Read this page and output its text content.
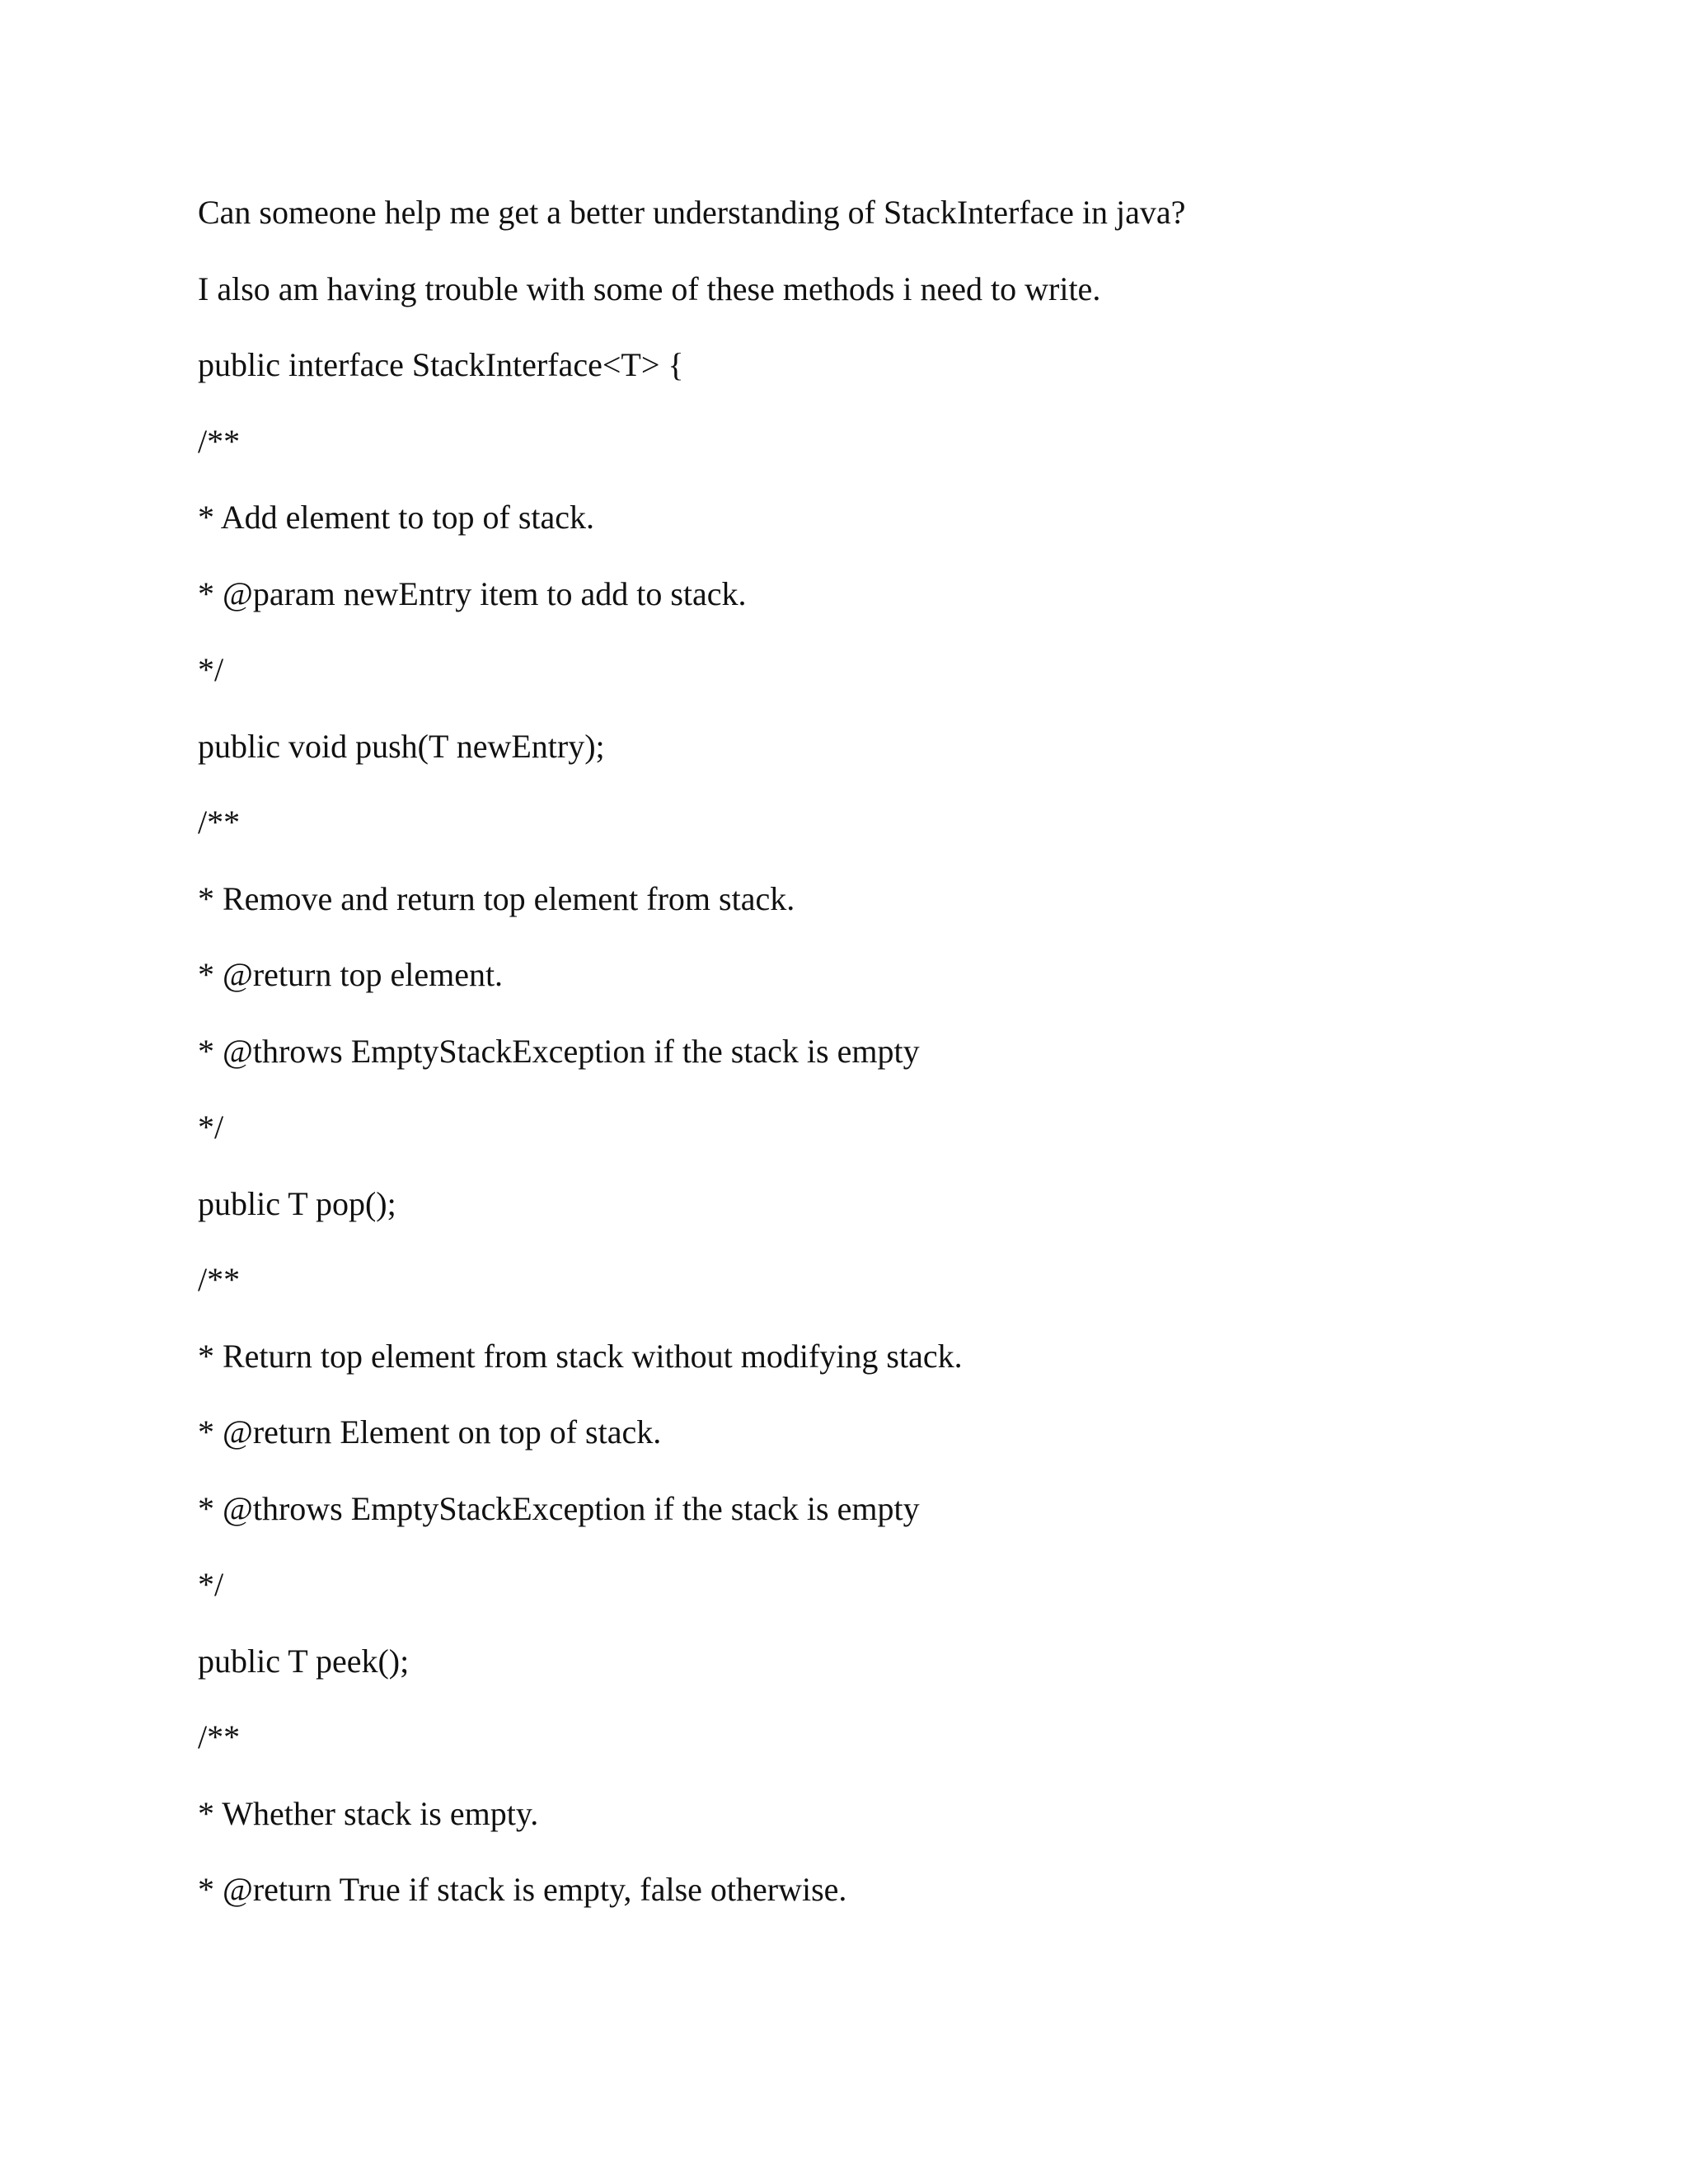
Can someone help me get a better understanding of StackInterface in java?

I also am having trouble with some of these methods i need to write.

public interface StackInterface<T> {

/**

* Add element to top of stack.

* @param newEntry item to add to stack.

*/

public void push(T newEntry);

/**

* Remove and return top element from stack.

* @return top element.

* @throws EmptyStackException if the stack is empty

*/

public T pop();

/**

* Return top element from stack without modifying stack.

* @return Element on top of stack.

* @throws EmptyStackException if the stack is empty

*/

public T peek();

/**

* Whether stack is empty.

* @return True if stack is empty, false otherwise.
